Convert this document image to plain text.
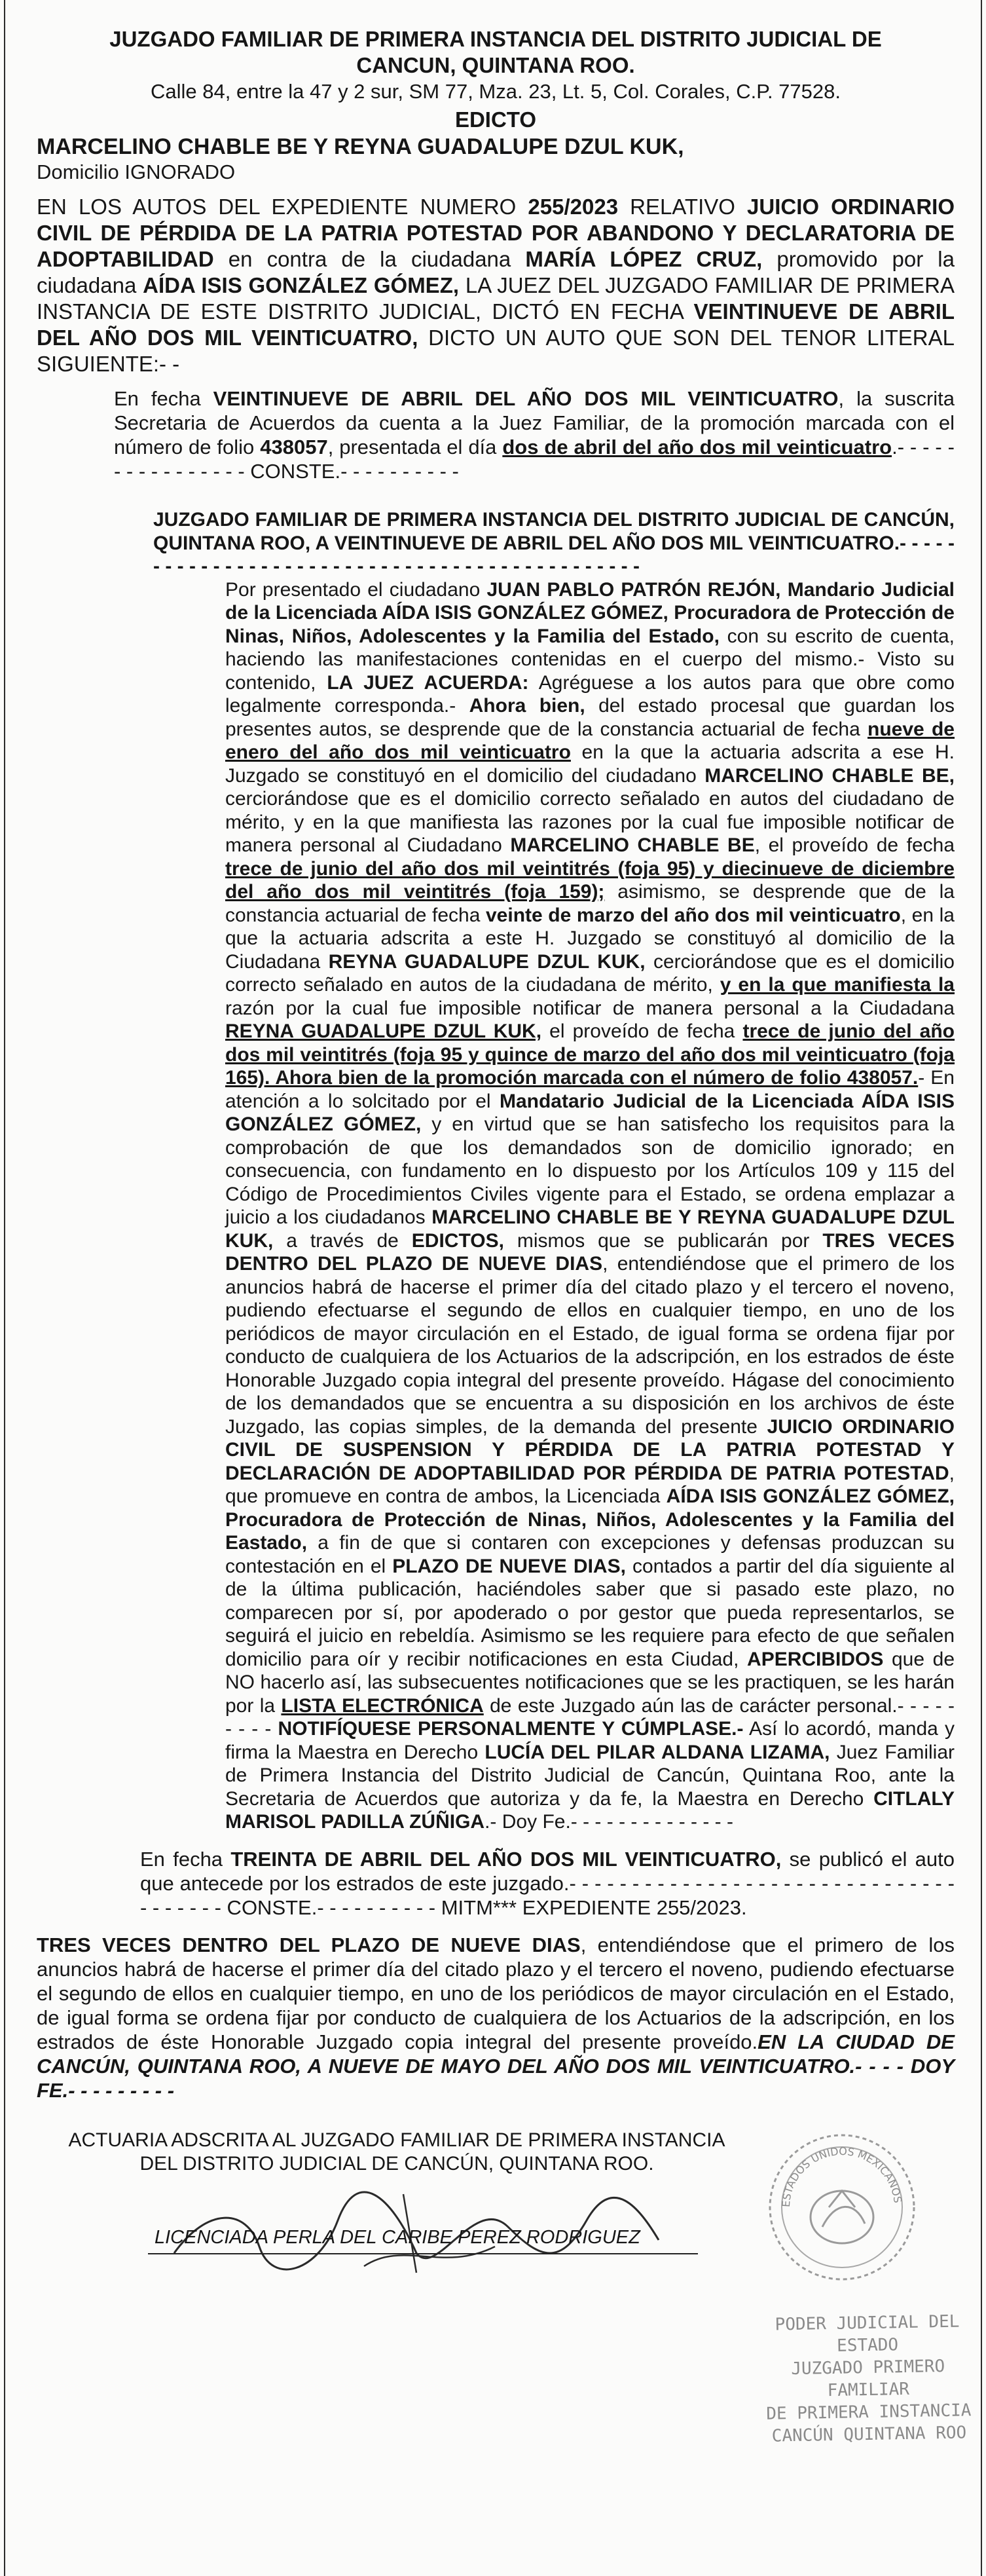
JUZGADO FAMILIAR DE PRIMERA INSTANCIA DEL DISTRITO JUDICIAL DE

CANCUN, QUINTANA ROO.

Calle 84, entre la 47 y 2 sur, SM 77, Mza. 23, Lt. 5, Col. Corales, C.P. 77528.

EDICTO

MARCELINO CHABLE BE Y REYNA GUADALUPE DZUL KUK,

Domicilio IGNORADO

EN LOS AUTOS DEL EXPEDIENTE NUMERO 255/2023 RELATIVO JUICIO ORDINARIO CIVIL DE PÉRDIDA DE LA PATRIA POTESTAD POR ABANDONO Y DECLARATORIA DE ADOPTABILIDAD en contra de la ciudadana MARÍA LÓPEZ CRUZ, promovido por la ciudadana AÍDA ISIS GONZÁLEZ GÓMEZ, LA JUEZ DEL JUZGADO FAMILIAR DE PRIMERA INSTANCIA DE ESTE DISTRITO JUDICIAL, DICTÓ EN FECHA VEINTINUEVE DE ABRIL DEL AÑO DOS MIL VEINTICUATRO, DICTO UN AUTO QUE SON DEL TENOR LITERAL SIGUIENTE:- -

En fecha VEINTINUEVE DE ABRIL DEL AÑO DOS MIL VEINTICUATRO, la suscrita Secretaria de Acuerdos da cuenta a la Juez Familiar, de la promoción marcada con el número de folio 438057, presentada el día dos de abril del año dos mil veinticuatro.- - - - - - - - - - - - - - - - CONSTE.- - - - - - - - - -

JUZGADO FAMILIAR DE PRIMERA INSTANCIA DEL DISTRITO JUDICIAL DE CANCÚN, QUINTANA ROO, A VEINTINUEVE DE ABRIL DEL AÑO DOS MIL VEINTICUATRO.- - - - - - - - - - - - - - - - - - - - - - - - - - - - - - - - - - - - - - - - - - - - - -

Por presentado el ciudadano JUAN PABLO PATRÓN REJÓN, Mandario Judicial de la Licenciada AÍDA ISIS GONZÁLEZ GÓMEZ, Procuradora de Protección de Ninas, Niños, Adolescentes y la Familia del Estado, con su escrito de cuenta, haciendo las manifestaciones contenidas en el cuerpo del mismo.- Visto su contenido, LA JUEZ ACUERDA: Agréguese a los autos para que obre como legalmente corresponda.- Ahora bien, del estado procesal que guardan los presentes autos, se desprende que de la constancia actuarial de fecha nueve de enero del año dos mil veinticuatro en la que la actuaria adscrita a ese H. Juzgado se constituyó en el domicilio del ciudadano MARCELINO CHABLE BE, cerciorándose que es el domicilio correcto señalado en autos del ciudadano de mérito, y en la que manifiesta las razones por la cual fue imposible notificar de manera personal al Ciudadano MARCELINO CHABLE BE, el proveído de fecha trece de junio del año dos mil veintitrés (foja 95) y diecinueve de diciembre del año dos mil veintitrés (foja 159); asimismo, se desprende que de la constancia actuarial de fecha veinte de marzo del año dos mil veinticuatro, en la que la actuaria adscrita a este H. Juzgado se constituyó al domicilio de la Ciudadana REYNA GUADALUPE DZUL KUK, cerciorándose que es el domicilio correcto señalado en autos de la ciudadana de mérito, y en la que manifiesta la razón por la cual fue imposible notificar de manera personal a la Ciudadana REYNA GUADALUPE DZUL KUK, el proveído de fecha trece de junio del año dos mil veintitrés (foja 95 y quince de marzo del año dos mil veinticuatro (foja 165). Ahora bien de la promoción marcada con el número de folio 438057.- En atención a lo solcitado por el Mandatario Judicial de la Licenciada AÍDA ISIS GONZÁLEZ GÓMEZ, y en virtud que se han satisfecho los requisitos para la comprobación de que los demandados son de domicilio ignorado; en consecuencia, con fundamento en lo dispuesto por los Artículos 109 y 115 del Código de Procedimientos Civiles vigente para el Estado, se ordena emplazar a juicio a los ciudadanos MARCELINO CHABLE BE Y REYNA GUADALUPE DZUL KUK, a través de EDICTOS, mismos que se publicarán por TRES VECES DENTRO DEL PLAZO DE NUEVE DIAS, entendiéndose que el primero de los anuncios habrá de hacerse el primer día del citado plazo y el tercero el noveno, pudiendo efectuarse el segundo de ellos en cualquier tiempo, en uno de los periódicos de mayor circulación en el Estado, de igual forma se ordena fijar por conducto de cualquiera de los Actuarios de la adscripción, en los estrados de éste Honorable Juzgado copia integral del presente proveído. Hágase del conocimiento de los demandados que se encuentra a su disposición en los archivos de éste Juzgado, las copias simples, de la demanda del presente JUICIO ORDINARIO CIVIL DE SUSPENSION Y PÉRDIDA DE LA PATRIA POTESTAD Y DECLARACIÓN DE ADOPTABILIDAD POR PÉRDIDA DE PATRIA POTESTAD, que promueve en contra de ambos, la Licenciada AÍDA ISIS GONZÁLEZ GÓMEZ, Procuradora de Protección de Ninas, Niños, Adolescentes y la Familia del Eastado, a fin de que si contaren con excepciones y defensas produzcan su contestación en el PLAZO DE NUEVE DIAS, contados a partir del día siguiente al de la última publicación, haciéndoles saber que si pasado este plazo, no comparecen por sí, por apoderado o por gestor que pueda representarlos, se seguirá el juicio en rebeldía. Asimismo se les requiere para efecto de que señalen domicilio para oír y recibir notificaciones en esta Ciudad, APERCIBIDOS que de NO hacerlo así, las subsecuentes notificaciones que se les practiquen, se les harán por la LISTA ELECTRÓNICA de este Juzgado aún las de carácter personal.- - - - - - - - - NOTIFÍQUESE PERSONALMENTE Y CÚMPLASE.- Así lo acordó, manda y firma la Maestra en Derecho LUCÍA DEL PILAR ALDANA LIZAMA, Juez Familiar de Primera Instancia del Distrito Judicial de Cancún, Quintana Roo, ante la Secretaria de Acuerdos que autoriza y da fe, la Maestra en Derecho CITLALY MARISOL PADILLA ZÚÑIGA.- Doy Fe.- - - - - - - - - - - - - -

En fecha TREINTA DE ABRIL DEL AÑO DOS MIL VEINTICUATRO, se publicó el auto que antecede por los estrados de este juzgado.- - - - - - - - - - - - - - - - - - - - - - - - - - - - - - - - - - - - - - CONSTE.- - - - - - - - - - MITM*** EXPEDIENTE 255/2023.

TRES VECES DENTRO DEL PLAZO DE NUEVE DIAS, entendiéndose que el primero de los anuncios habrá de hacerse el primer día del citado plazo y el tercero el noveno, pudiendo efectuarse el segundo de ellos en cualquier tiempo, en uno de los periódicos de mayor circulación en el Estado, de igual forma se ordena fijar por conducto de cualquiera de los Actuarios de la adscripción, en los estrados de éste Honorable Juzgado copia integral del presente proveído.EN LA CIUDAD DE CANCÚN, QUINTANA ROO, A NUEVE DE MAYO DEL AÑO DOS MIL VEINTICUATRO.- - - - DOY FE.- - - - - - - - -

ACTUARIA ADSCRITA AL JUZGADO FAMILIAR DE PRIMERA INSTANCIA

DEL DISTRITO JUDICIAL DE CANCÚN, QUINTANA ROO.

LICENCIADA PERLA DEL CARIBE PEREZ RODRIGUEZ

ESTADOS UNIDOS MEXICANOS
PODER JUDICIAL DEL ESTADO
JUZGADO PRIMERO
FAMILIAR
DE PRIMERA INSTANCIA
CANCÚN QUINTANA ROO
